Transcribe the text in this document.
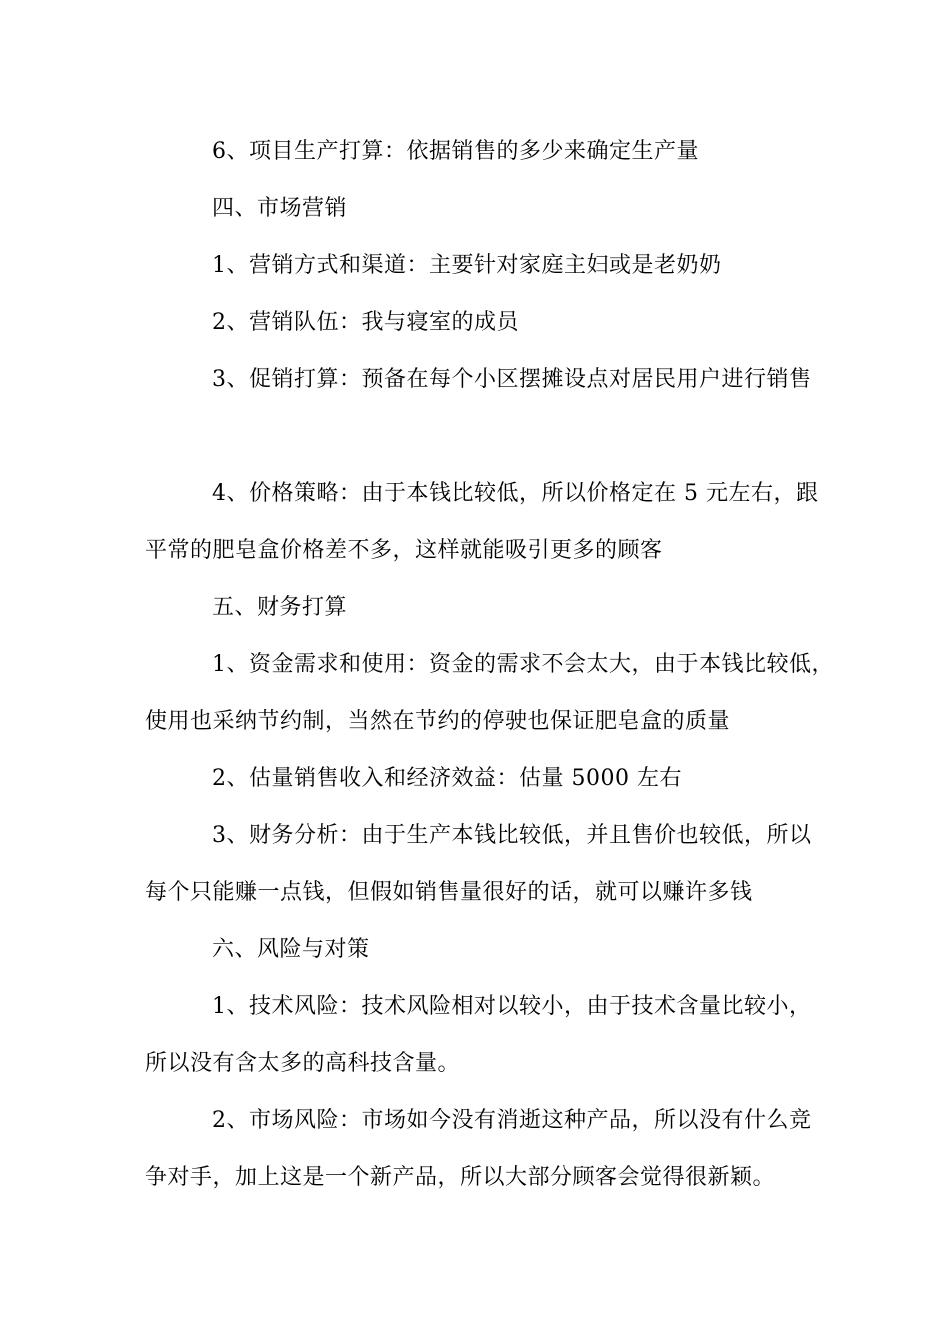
6、项目生产打算：依据销售的多少来确定生产量
四、市场营销
1、营销方式和渠道：主要针对家庭主妇或是老奶奶
2、营销队伍：我与寝室的成员
3、促销打算：预备在每个小区摆摊设点对居民用户进行销售
4、价格策略：由于本钱比较低，所以价格定在 5 元左右，跟
平常的肥皂盒价格差不多，这样就能吸引更多的顾客
五、财务打算
1、资金需求和使用：资金的需求不会太大，由于本钱比较低，
使用也采纳节约制，当然在节约的停驶也保证肥皂盒的质量
2、估量销售收入和经济效益：估量 5000 左右
3、财务分析：由于生产本钱比较低，并且售价也较低，所以
每个只能赚一点钱，但假如销售量很好的话，就可以赚许多钱
六、风险与对策
1、技术风险：技术风险相对以较小，由于技术含量比较小，
所以没有含太多的高科技含量。
2、市场风险：市场如今没有消逝这种产品，所以没有什么竞
争对手，加上这是一个新产品，所以大部分顾客会觉得很新颖。
